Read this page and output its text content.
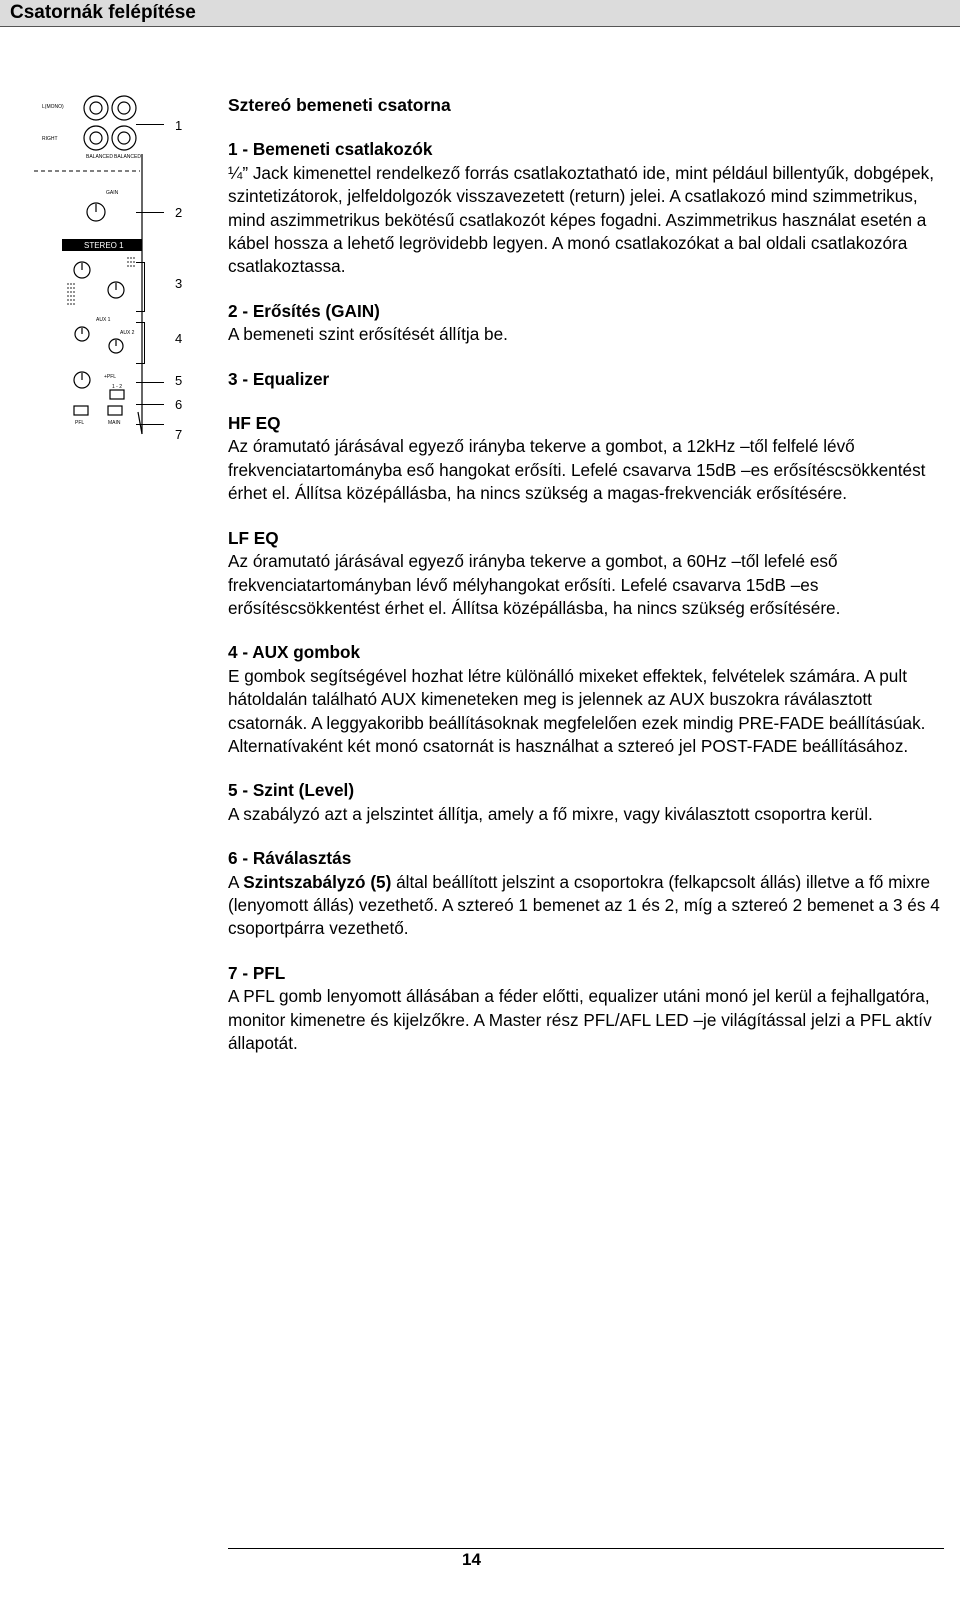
Csatornák felépítése
STEREO 1
L(MONO)
RIGHT
BALANCED BALANCED
GAIN
AUX 1
AUX 2
+PFL
1 - 2
PFL	MAIN
1
2
3
4
5
6
7
Sztereó bemeneti csatorna
1 - Bemeneti csatlakozók

¼” Jack kimenettel rendelkező forrás csatlakoztatható ide, mint például billentyűk, dobgépek, szintetizátorok, jelfeldolgozók visszavezetett (return) jelei. A csatlakozó mind szimmetrikus, mind aszimmetrikus bekötésű csatlakozót képes fogadni. Aszimmetrikus használat esetén a kábel hossza a lehető legrövidebb legyen. A monó csatlakozókat a bal oldali csatlakozóra csatlakoztassa.

2 - Erősítés (GAIN)

A bemeneti szint erősítését állítja be.

3 - Equalizer
HF EQ

Az óramutató járásával egyező irányba tekerve a gombot, a 12kHz –től felfelé lévő frekvenciatartományba eső hangokat erősíti. Lefelé csavarva 15dB –es erősítéscsökkentést érhet el. Állítsa középállásba, ha nincs szükség a magas-frekvenciák erősítésére.

LF EQ

Az óramutató járásával egyező irányba tekerve a gombot, a 60Hz –től lefelé eső frekvenciatartományban lévő mélyhangokat erősíti. Lefelé csavarva 15dB –es erősítéscsökkentést érhet el. Állítsa középállásba, ha nincs szükség erősítésére.

4 - AUX gombok

E gombok segítségével hozhat létre különálló mixeket effektek, felvételek számára. A pult hátoldalán található AUX kimeneteken meg is jelennek az AUX buszokra ráválasztott csatornák. A leggyakoribb beállításoknak megfelelően ezek mindig PRE-FADE beállításúak. Alternatívaként két monó csatornát is használhat a sztereó jel POST-FADE beállításához.

5 - Szint (Level)

A szabályzó azt a jelszintet állítja, amely a fő mixre, vagy kiválasztott csoportra kerül.

6 - Ráválasztás

A Szintszabályzó (5) által beállított jelszint a csoportokra (felkapcsolt állás) illetve a fő mixre (lenyomott állás) vezethető. A sztereó 1 bemenet az 1 és 2, míg a sztereó 2 bemenet a 3 és 4 csoportpárra vezethető.

7 - PFL

A PFL gomb lenyomott állásában a féder előtti, equalizer utáni monó jel kerül a fejhallgatóra, monitor kimenetre és kijelzőkre. A Master rész PFL/AFL LED –je világítással jelzi a PFL aktív állapotát.

14
